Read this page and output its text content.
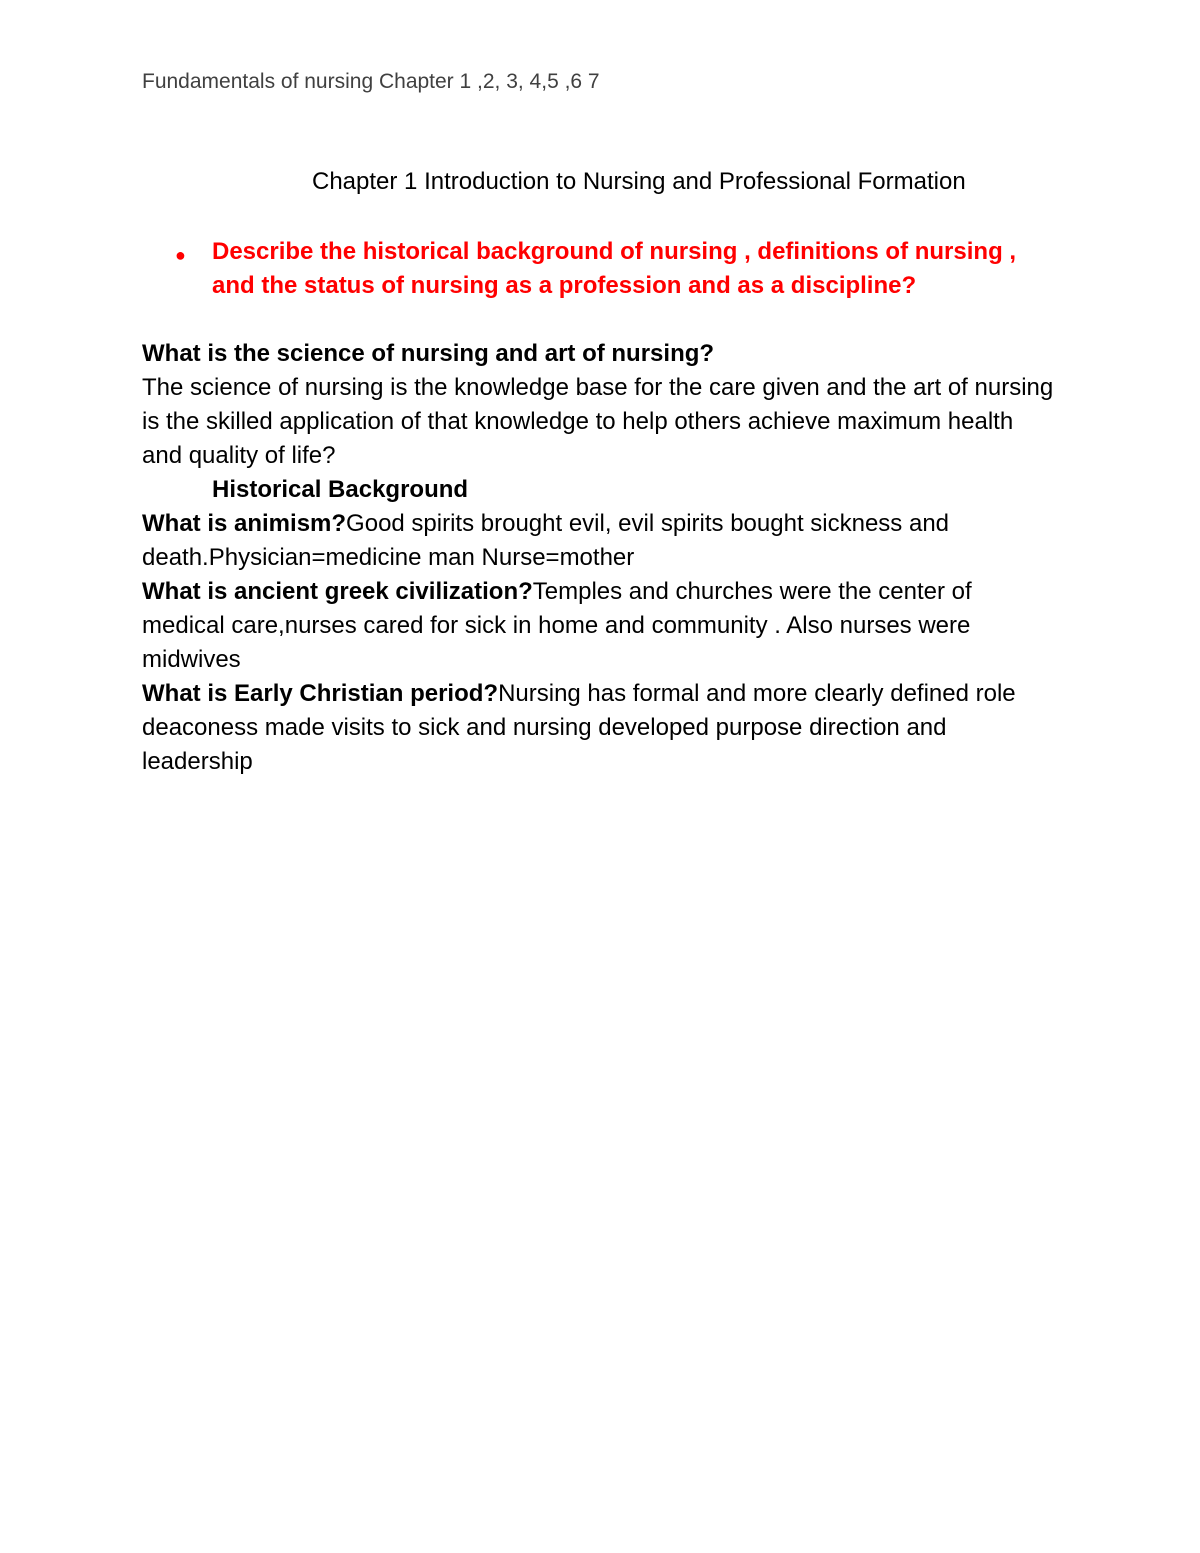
Fundamentals of nursing Chapter 1 ,2, 3, 4,5 ,6 7
Chapter 1 Introduction to Nursing and Professional Formation
● Describe the historical background of nursing , definitions of nursing , and the status of nursing as a profession and as a discipline?

What is the science of nursing and art of nursing?

The science of nursing is the knowledge base for the care given and the art of nursing is the skilled application of that knowledge to help others achieve maximum health and quality of life?

Historical Background

What is animism?Good spirits brought evil, evil spirits bought sickness and death.Physician=medicine man Nurse=mother

What is ancient greek civilization?Temples and churches were the center of medical care,nurses cared for sick in home and community . Also nurses were midwives

What is Early Christian period?Nursing has formal and more clearly defined role deaconess made visits to sick and nursing developed purpose direction and leadership
